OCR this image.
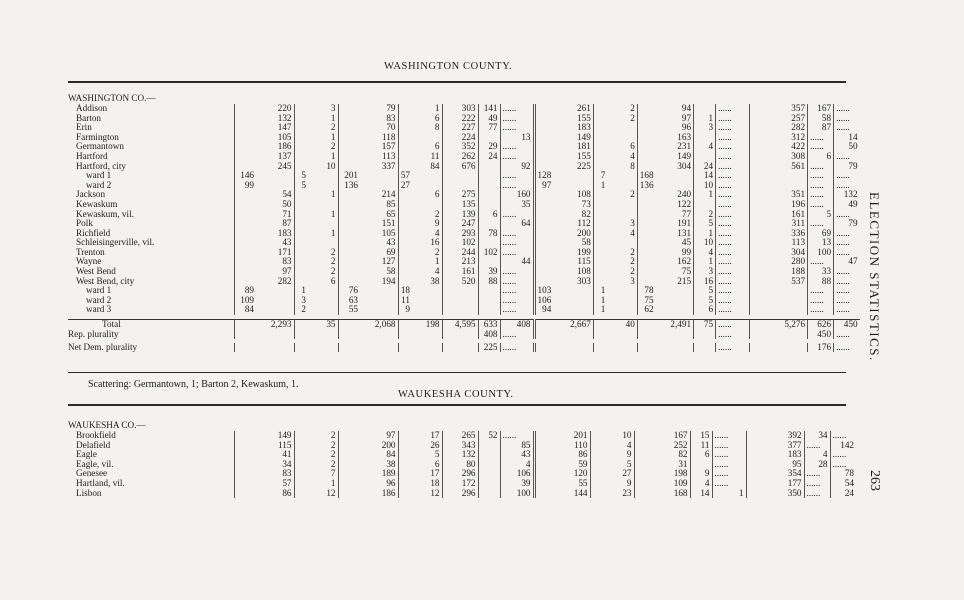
WASHINGTON COUNTY.
WAUKESHA COUNTY.
ELECTION STATISTICS.
263
WASHINGTON CO.—																						
Addison		220		3		79		1	303	141	......		261		2		94		......	357	167	......
Barton		132		1		83		6	222	49	......		155		2		97	1	......	257	58	......
Erin		147		2		70		8	227	77	......		183				96	3	......	282	87	......
Farmington		105		1		118			224		13		149				163		......	312	......	14
Germantown		186		2		157		6	352	29	......		181		6		231	4	......	422	......	50
Hartford		137		1		113		11	262	24	......		155		4		149		......	308	6	......
Hartford, city		245		10		337		84	676		92		225		8		304	24	......	561	......	79
ward 1	146		5		201		57				......	128		7		168		14	......		......	......
ward 2	99		5		136		27				......	97		1		136		10	......		......	......
Jackson		54		1		214		6	275		160		108		2		240	1	......	351	......	132
Kewaskum		50				85			135		35		73				122		......	196	......	49
Kewaskum, vil.		71		1		65		2	139	6	......		82				77	2	......	161	5	......
Polk		87				151		9	247		64		112		3		191	5	......	311	......	79
Richfield		183		1		105		4	293	78	......		200		4		131	1	......	336	69	......
Schleisingerville, vil.		43				43		16	102		......		58				45	10	......	113	13	......
Trenton		171		2		69		2	244	102	......		199		2		99	4	......	304	100	......
Wayne		83		2		127		1	213		44		115		2		162	1	......	280	......	47
West Bend		97		2		58		4	161	39	......		108		2		75	3	......	188	33	......
West Bend, city		282		6		194		38	520	88	......		303		3		215	16	......	537	88	......
ward 1	89		1		76		18				......	103		1		78		5	......		......	......
ward 2	109		3		63		11				......	106		1		75		5	......		......	......
ward 3	84		2		55		9				......	94		1		62		6	......		......	......

Total		2,293		35		2,068		198	4,595	633	408		2,667		40		2,491	75	......	5,276	626	450
Rep. plurality										408	......								......		450	......

Net Dem. plurality										225	......								......		176	......
Scattering: Germantown, 1; Barton 2, Kewaskum, 1.
WAUKESHA CO.—																						
Brookfield		149		2		97		17	265	52	......		201		10		167	15	......	392	34	......
Delafield		115		2		200		26	343		85		110		4		252	11	......	377	......	142
Eagle		41		2		84		5	132		43		86		9		82	6	......	183	4	......
Eagle, vil.		34		2		38		6	80		4		59		5		31		......	95	28	......
Genesee		83		7		189		17	296		106		120		27		198	9	......	354	......	78
Hartland, vil.		57		1		96		18	172		39		55		9		109	4	......	177	......	54
Lisbon		86		12		186		12	296		100		144		23		168	14	1	350	......	24
